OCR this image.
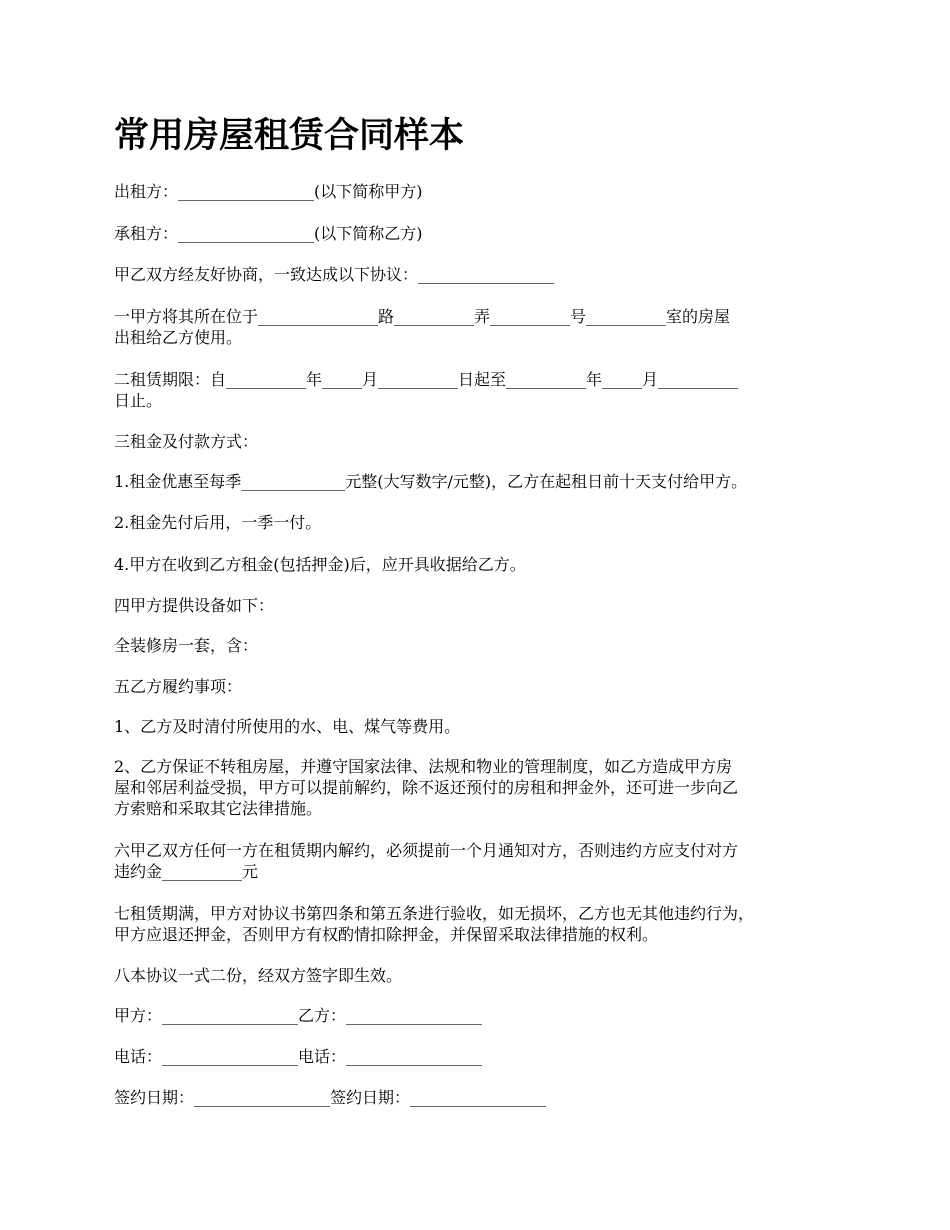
常用房屋租赁合同样本

出租方：_________________(以下简称甲方)

承租方：_________________(以下简称乙方)

甲乙双方经友好协商，一致达成以下协议：_________________

一甲方将其所在位于_______________路__________弄__________号__________室的房屋
出租给乙方使用。

二租赁期限：自__________年_____月__________日起至__________年_____月__________
日止。

三租金及付款方式：

1.租金优惠至每季_____________元整(大写数字/元整)，乙方在起租日前十天支付给甲方。

2.租金先付后用，一季一付。

4.甲方在收到乙方租金(包括押金)后，应开具收据给乙方。

四甲方提供设备如下：

全装修房一套，含：

五乙方履约事项：

1、乙方及时清付所使用的水、电、煤气等费用。

2、乙方保证不转租房屋，并遵守国家法律、法规和物业的管理制度，如乙方造成甲方房
屋和邻居利益受损，甲方可以提前解约，除不返还预付的房租和押金外，还可进一步向乙
方索赔和采取其它法律措施。

六甲乙双方任何一方在租赁期内解约，必须提前一个月通知对方，否则违约方应支付对方
违约金__________元

七租赁期满，甲方对协议书第四条和第五条进行验收，如无损坏，乙方也无其他违约行为，
甲方应退还押金，否则甲方有权酌情扣除押金，并保留采取法律措施的权利。

八本协议一式二份，经双方签字即生效。

甲方：_________________乙方：_________________

电话：_________________电话：_________________

签约日期：_________________签约日期：_________________
